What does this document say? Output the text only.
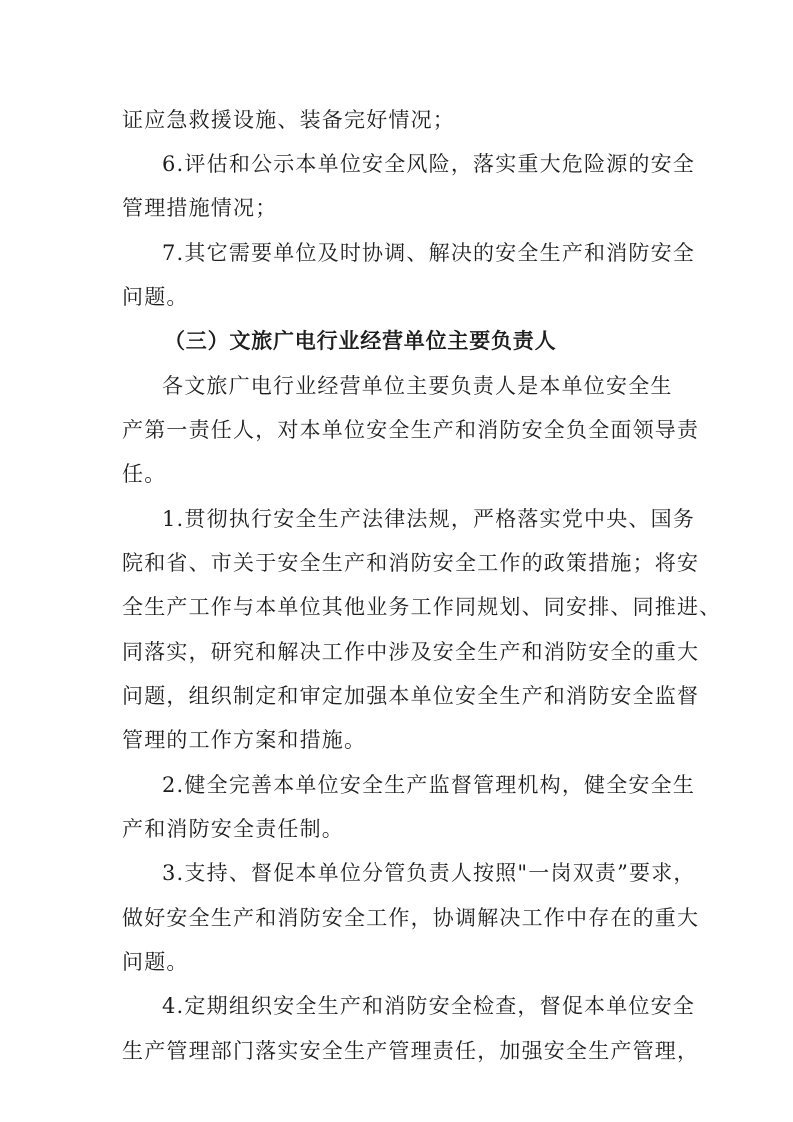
证应急救援设施、装备完好情况；
6.评估和公示本单位安全风险，落实重大危险源的安全
管理措施情况；
7.其它需要单位及时协调、解决的安全生产和消防安全
问题。
（三）文旅广电行业经营单位主要负责人
各文旅广电行业经营单位主要负责人是本单位安全生
产第一责任人，对本单位安全生产和消防安全负全面领导责
任。
1.贯彻执行安全生产法律法规，严格落实党中央、国务
院和省、市关于安全生产和消防安全工作的政策措施；将安
全生产工作与本单位其他业务工作同规划、同安排、同推进、
同落实，研究和解决工作中涉及安全生产和消防安全的重大
问题，组织制定和审定加强本单位安全生产和消防安全监督
管理的工作方案和措施。
2.健全完善本单位安全生产监督管理机构，健全安全生
产和消防安全责任制。
3.支持、督促本单位分管负责人按照"一岗双责”要求，
做好安全生产和消防安全工作，协调解决工作中存在的重大
问题。
4.定期组织安全生产和消防安全检查，督促本单位安全
生产管理部门落实安全生产管理责任，加强安全生产管理，
